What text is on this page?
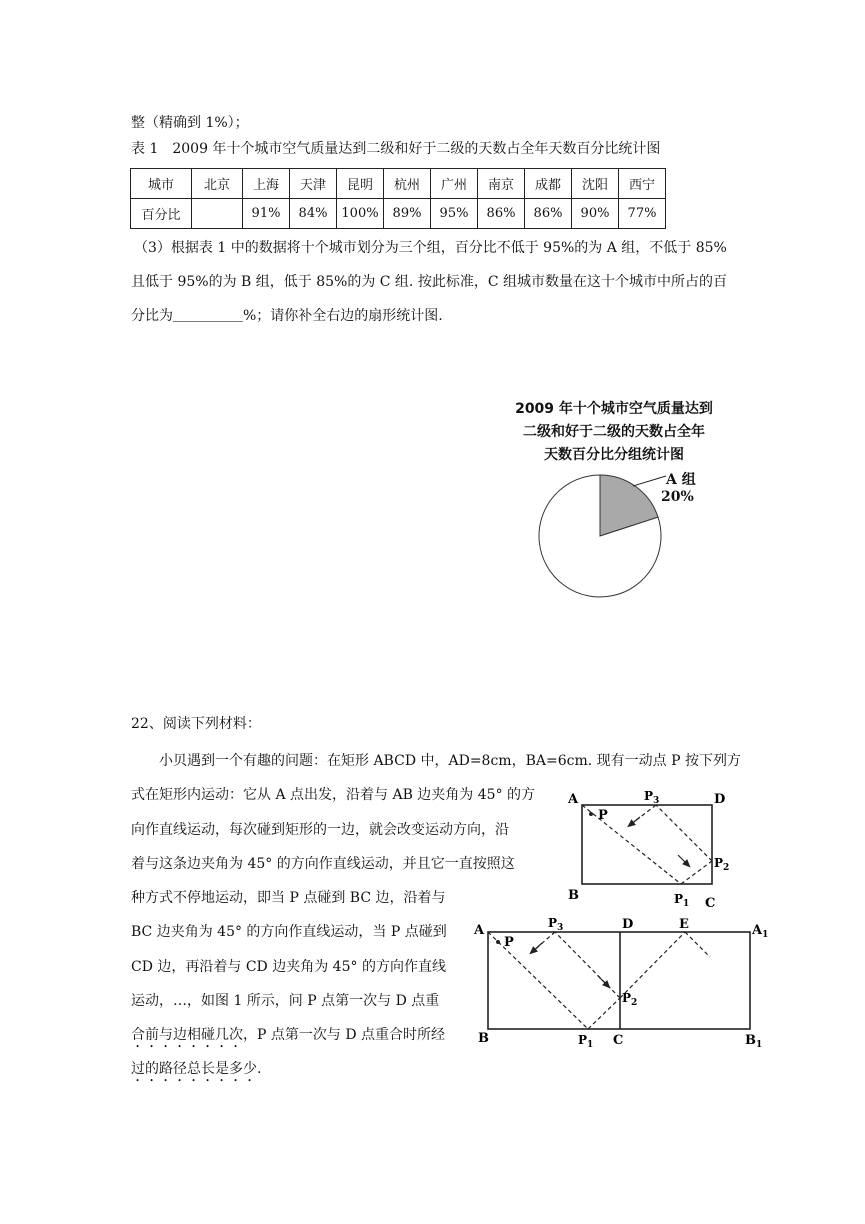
整（精确到 1%）；
表 1　2009 年十个城市空气质量达到二级和好于二级的天数占全年天数百分比统计图
城市	北京	上海	天津	昆明	杭州	广州	南京	成都	沈阳	西宁
百分比		91%	84%	100%	89%	95%	86%	86%	90%	77%
（3）根据表 1 中的数据将十个城市划分为三个组，百分比不低于 95%的为 A 组，不低于 85%
且低于 95%的为 B 组，低于 85%的为 C 组. 按此标准，C 组城市数量在这十个城市中所占的百
分比为＿＿＿＿＿%；请你补全右边的扇形统计图.
2009 年十个城市空气质量达到
二级和好于二级的天数占全年
天数百分比分组统计图
A 组
20%
22、阅读下列材料：
小贝遇到一个有趣的问题：在矩形 ABCD 中，AD=8cm，BA=6cm. 现有一动点 P 按下列方
式在矩形内运动：它从 A 点出发，沿着与 AB 边夹角为 45° 的方
向作直线运动，每次碰到矩形的一边，就会改变运动方向，沿
着与这条边夹角为 45° 的方向作直线运动，并且它一直按照这
种方式不停地运动，即当 P 点碰到 BC 边，沿着与
BC 边夹角为 45° 的方向作直线运动，当 P 点碰到
CD 边，再沿着与 CD 边夹角为 45° 的方向作直线
运动，…，如图 1 所示，问 P 点第一次与 D 点重
合前与边相碰几次，P 点第一次与 D 点重合时所经
过的路径总长是多少.
A	D
B
C
P
$P_3$
$P_2$
$P_1$
A	D	E	$A_1$
B	C	$B_1$
P
$P_3$
$P_2$
$P_1$
